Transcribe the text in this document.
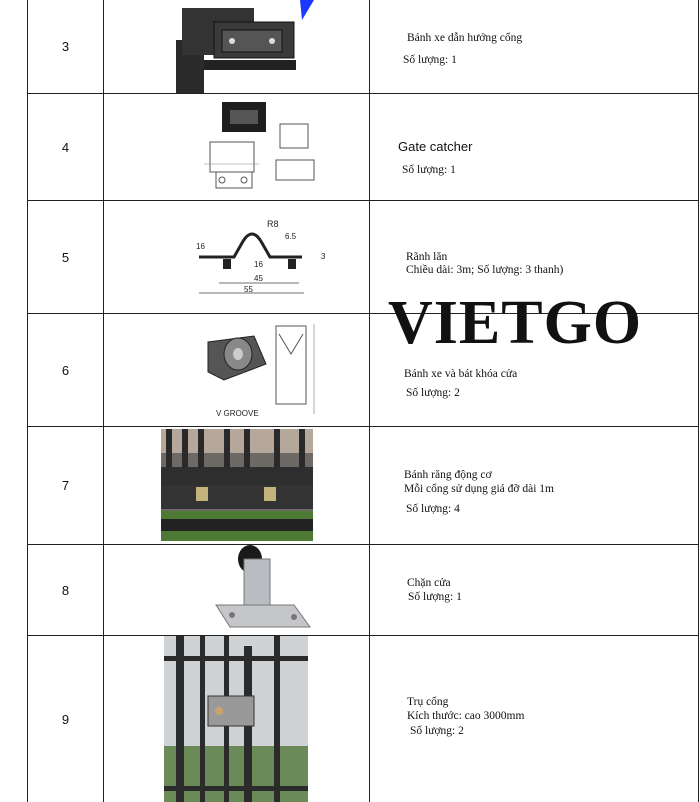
3
Bánh xe dẫn hướng cổng
Số lượng: 1
4	Gate catcher
Số lượng: 1
5
R8
6.5
16
16
3
45
55
Rãnh lăn
Chiều dài: 3m; Số lượng: 3 thanh)
6
V GROOVE
Bánh xe và bát khóa cửa
Số lượng: 2
7
Bánh răng động cơ
Mỗi cổng sử dụng giá đỡ dài 1m
Số lượng: 4
8	Chặn cửa
Số lượng: 1
9
Trụ cổng
Kích thước: cao 3000mm
Số lượng: 2
VIETGO
